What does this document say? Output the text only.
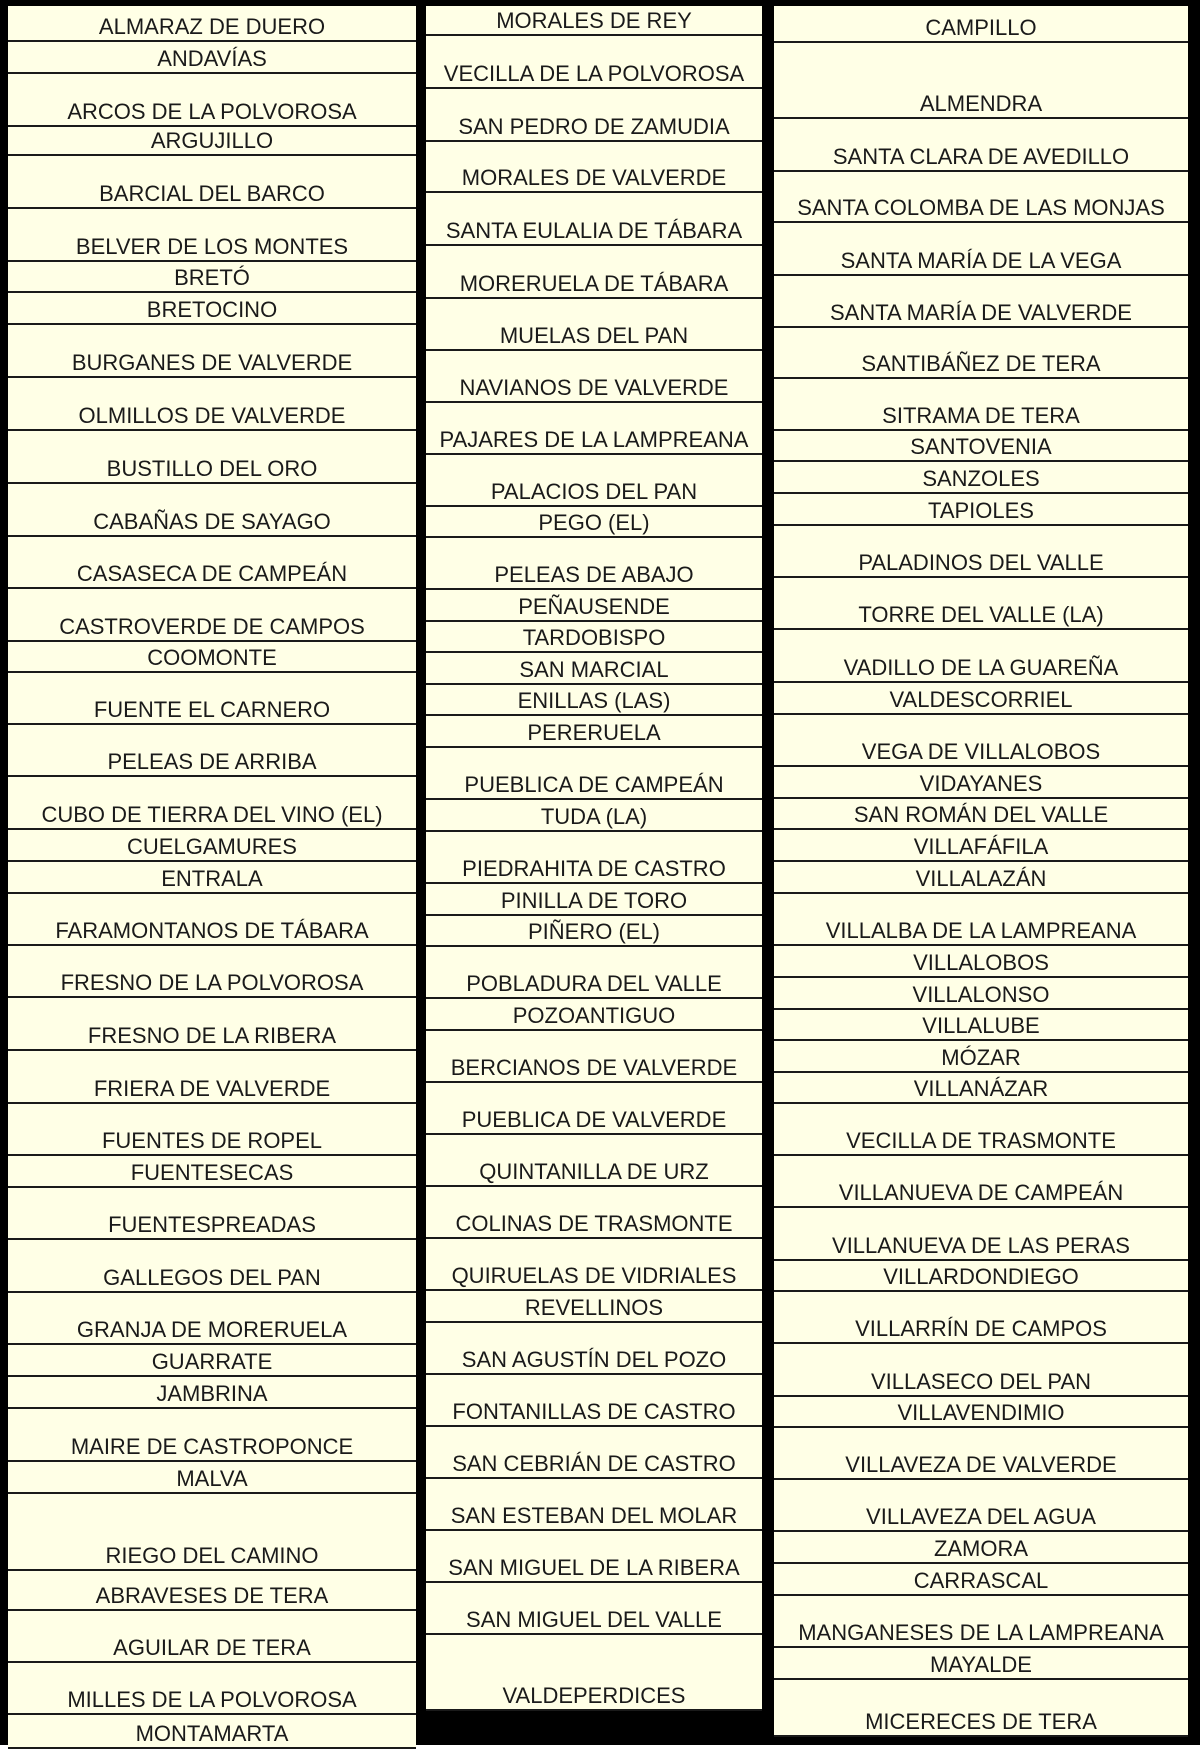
ALMARAZ DE DUERO
ANDAVÍAS
ARCOS DE LA POLVOROSA
ARGUJILLO
BARCIAL DEL BARCO
BELVER DE LOS MONTES
BRETÓ
BRETOCINO
BURGANES DE VALVERDE
OLMILLOS DE VALVERDE
BUSTILLO DEL ORO
CABAÑAS DE SAYAGO
CASASECA DE CAMPEÁN
CASTROVERDE DE CAMPOS
COOMONTE
FUENTE EL CARNERO
PELEAS DE ARRIBA
CUBO DE TIERRA DEL VINO (EL)
CUELGAMURES
ENTRALA
FARAMONTANOS DE TÁBARA
FRESNO DE LA POLVOROSA
FRESNO DE LA RIBERA
FRIERA DE VALVERDE
FUENTES DE ROPEL
FUENTESECAS
FUENTESPREADAS
GALLEGOS DEL PAN
GRANJA DE MORERUELA
GUARRATE
JAMBRINA
MAIRE DE CASTROPONCE
MALVA
RIEGO DEL CAMINO
ABRAVESES DE TERA
AGUILAR DE TERA
MILLES DE LA POLVOROSA
MONTAMARTA
MORALES DE REY
VECILLA DE LA POLVOROSA
SAN PEDRO DE ZAMUDIA
MORALES DE VALVERDE
SANTA EULALIA DE TÁBARA
MORERUELA DE TÁBARA
MUELAS DEL PAN
NAVIANOS DE VALVERDE
PAJARES DE LA LAMPREANA
PALACIOS DEL PAN
PEGO (EL)
PELEAS DE ABAJO
PEÑAUSENDE
TARDOBISPO
SAN MARCIAL
ENILLAS (LAS)
PERERUELA
PUEBLICA DE CAMPEÁN
TUDA (LA)
PIEDRAHITA DE CASTRO
PINILLA DE TORO
PIÑERO (EL)
POBLADURA DEL VALLE
POZOANTIGUO
BERCIANOS DE VALVERDE
PUEBLICA DE VALVERDE
QUINTANILLA DE URZ
COLINAS DE TRASMONTE
QUIRUELAS DE VIDRIALES
REVELLINOS
SAN AGUSTÍN DEL POZO
FONTANILLAS DE CASTRO
SAN CEBRIÁN DE CASTRO
SAN ESTEBAN DEL MOLAR
SAN MIGUEL DE LA RIBERA
SAN MIGUEL DEL VALLE
VALDEPERDICES
CAMPILLO
ALMENDRA
SANTA CLARA DE AVEDILLO
SANTA COLOMBA DE LAS MONJAS
SANTA MARÍA DE LA VEGA
SANTA MARÍA DE VALVERDE
SANTIBÁÑEZ DE TERA
SITRAMA DE TERA
SANTOVENIA
SANZOLES
TAPIOLES
PALADINOS DEL VALLE
TORRE DEL VALLE (LA)
VADILLO DE LA GUAREÑA
VALDESCORRIEL
VEGA DE VILLALOBOS
VIDAYANES
SAN ROMÁN DEL VALLE
VILLAFÁFILA
VILLALAZÁN
VILLALBA DE LA LAMPREANA
VILLALOBOS
VILLALONSO
VILLALUBE
MÓZAR
VILLANÁZAR
VECILLA DE TRASMONTE
VILLANUEVA DE CAMPEÁN
VILLANUEVA DE LAS PERAS
VILLARDONDIEGO
VILLARRÍN DE CAMPOS
VILLASECO DEL PAN
VILLAVENDIMIO
VILLAVEZA DE VALVERDE
VILLAVEZA DEL AGUA
ZAMORA
CARRASCAL
MANGANESES DE LA LAMPREANA
MAYALDE
MICERECES DE TERA
